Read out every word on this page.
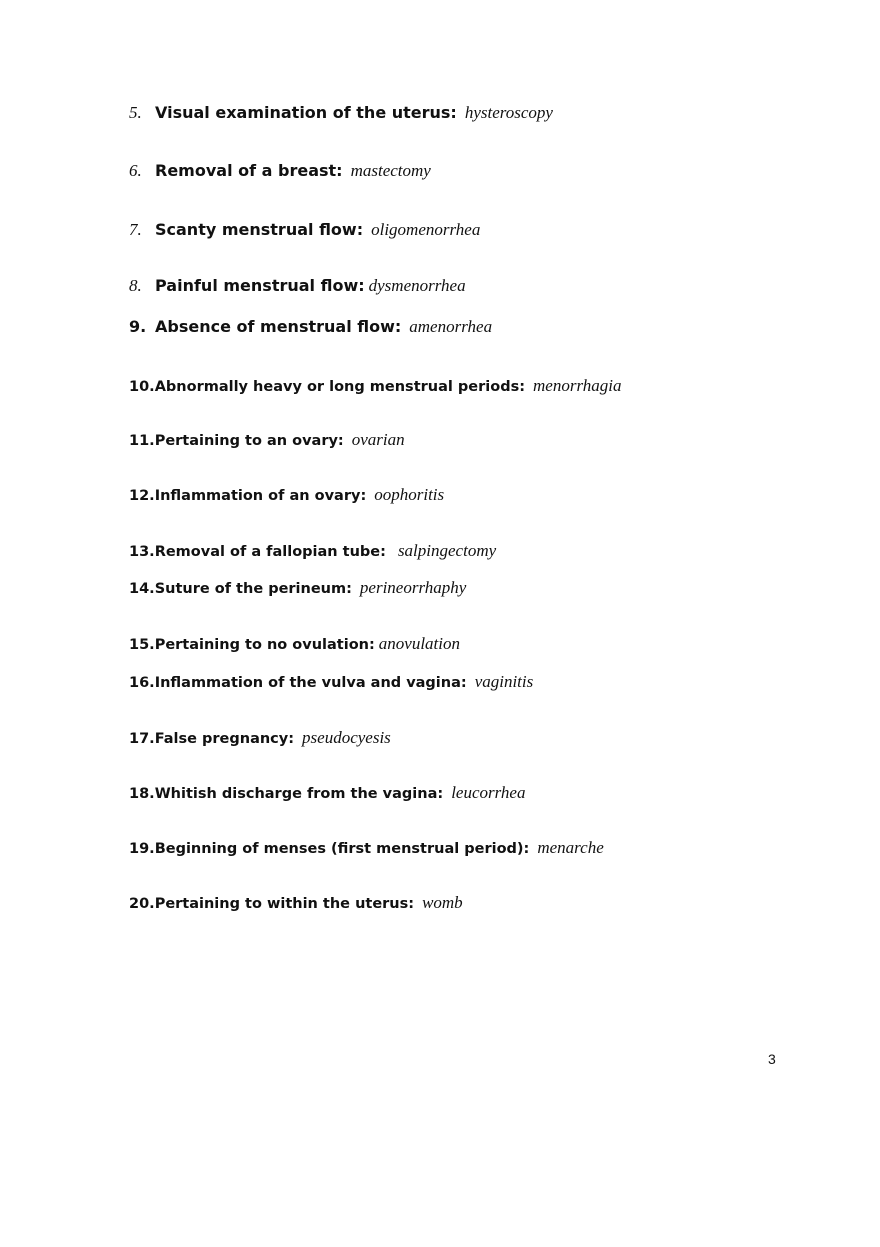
5. Visual examination of the uterus: hysteroscopy
6. Removal of a breast: mastectomy
7. Scanty menstrual flow: oligomenorrhea
8. Painful menstrual flow: dysmenorrhea
9. Absence of menstrual flow: amenorrhea
10.Abnormally heavy or long menstrual periods: menorrhagia
11.Pertaining to an ovary: ovarian
12.Inflammation of an ovary: oophoritis
13.Removal of a fallopian tube: salpingectomy
14.Suture of the perineum: perineorrhaphy
15.Pertaining to no ovulation: anovulation
16.Inflammation of the vulva and vagina: vaginitis
17.False pregnancy: pseudocyesis
18.Whitish discharge from the vagina: leucorrhea
19.Beginning of menses (first menstrual period): menarche
20.Pertaining to within the uterus: womb
3
